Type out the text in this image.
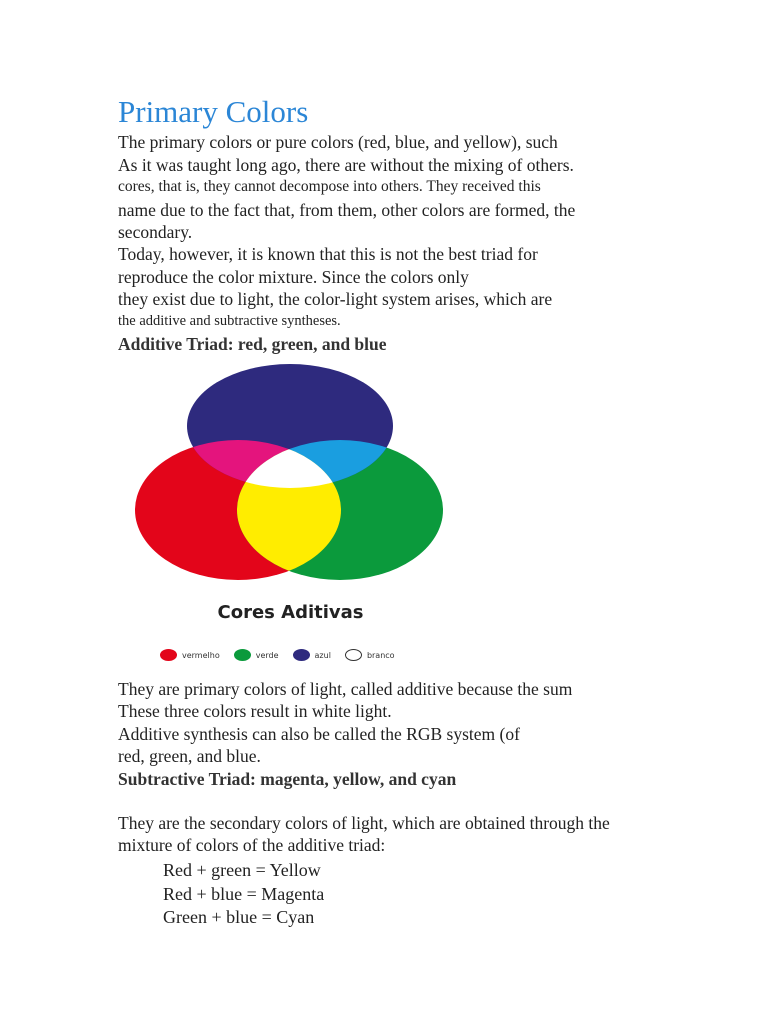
Primary Colors

The primary colors or pure colors (red, blue, and yellow), such

As it was taught long ago, there are without the mixing of others.

cores, that is, they cannot decompose into others. They received this

name due to the fact that, from them, other colors are formed, the

secondary.

Today, however, it is known that this is not the best triad for

reproduce the color mixture. Since the colors only

they exist due to light, the color-light system arises, which are

the additive and subtractive syntheses.

Additive Triad: red, green, and blue
Cores Aditivas
vermelho	verde	azul	branco

They are primary colors of light, called additive because the sum

These three colors result in white light.

Additive synthesis can also be called the RGB system (of

red, green, and blue.

Subtractive Triad: magenta, yellow, and cyan

They are the secondary colors of light, which are obtained through the

mixture of colors of the additive triad:

Red + green = Yellow

Red + blue = Magenta

Green + blue = Cyan
